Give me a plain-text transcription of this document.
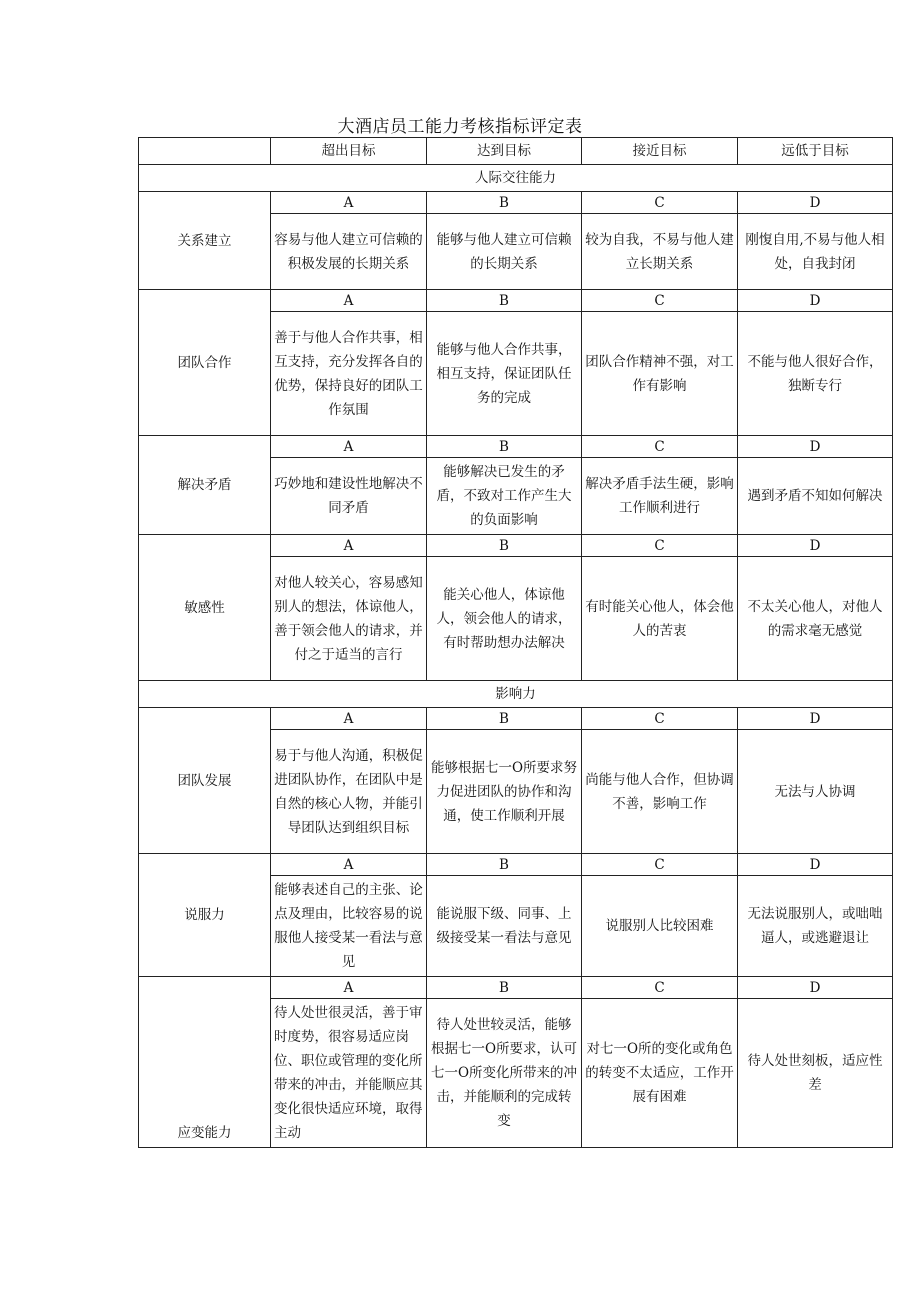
大酒店员工能力考核指标评定表
	超出目标	达到目标	接近目标	远低于目标
人际交往能力				
关系建立	A	B	C	D
	容易与他人建立可信赖的积极发展的长期关系	能够与他人建立可信赖的长期关系	较为自我，不易与他人建立长期关系	刚愎自用,不易与他人相处，自我封闭
团队合作	A	B	C	D
	善于与他人合作共事，相互支持，充分发挥各自的优势，保持良好的团队工作氛围	能够与他人合作共事，相互支持，保证团队任务的完成	团队合作精神不强，对工作有影响	不能与他人很好合作，独断专行
解决矛盾	A	B	C	D
	巧妙地和建设性地解决不同矛盾	能够解决已发生的矛盾，不致对工作产生大的负面影响	解决矛盾手法生硬，影响工作顺利进行	遇到矛盾不知如何解决
敏感性	A	B	C	D
	对他人较关心，容易感知别人的想法，体谅他人，善于领会他人的请求，并付之于适当的言行	能关心他人，体谅他人，领会他人的请求，有时帮助想办法解决	有时能关心他人，体会他人的苦衷	不太关心他人，对他人的需求毫无感觉
影响力				
团队发展	A	B	C	D
	易于与他人沟通，积极促进团队协作，在团队中是自然的核心人物，并能引导团队达到组织目标	能够根据七一O所要求努力促进团队的协作和沟通，使工作顺利开展	尚能与他人合作，但协调不善，影响工作	无法与人协调
说服力	A	B	C	D
	能够表述自己的主张、论点及理由，比较容易的说服他人接受某一看法与意见	能说服下级、同事、上级接受某一看法与意见	说服别人比较困难	无法说服别人，或咄咄逼人，或逃避退让
应变能力	A	B	C	D
	待人处世很灵活，善于审时度势，很容易适应岗位、职位或管理的变化所带来的冲击，并能顺应其变化很快适应环境，取得主动	待人处世较灵活，能够根据七一O所要求，认可七一O所变化所带来的冲击，并能顺利的完成转变	对七一O所的变化或角色的转变不太适应，工作开展有困难	待人处世刻板，适应性差
